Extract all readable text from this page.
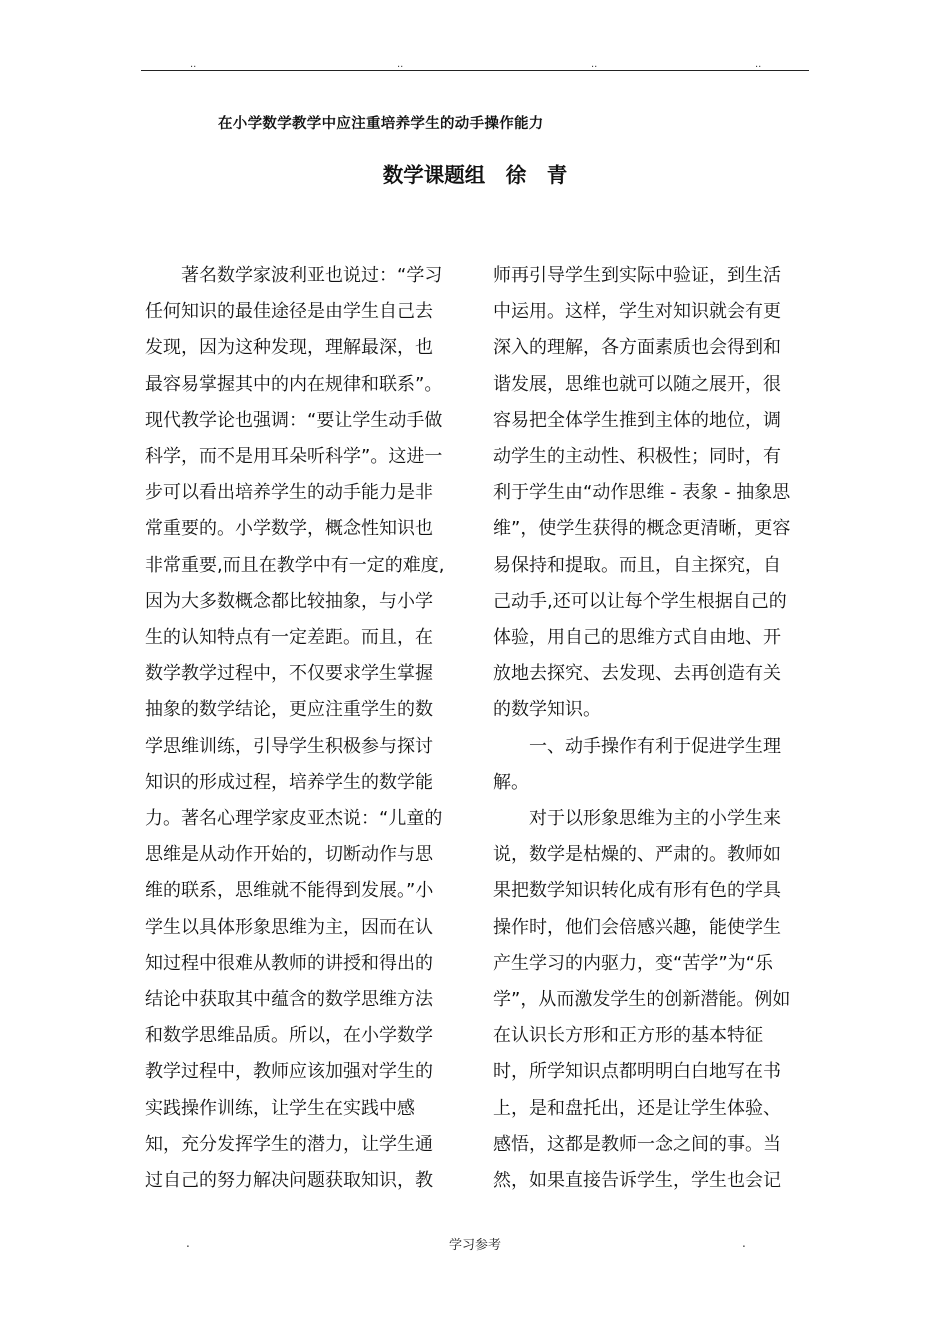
..	..	..	..
在小学数学教学中应注重培养学生的动手操作能力
数学课题组　徐　青

　　著名数学家波利亚也说过：“学习

任何知识的最佳途径是由学生自己去

发现，因为这种发现，理解最深，也

最容易掌握其中的内在规律和联系”。

现代教学论也强调：“要让学生动手做

科学，而不是用耳朵听科学”。这进一

步可以看出培养学生的动手能力是非

常重要的。小学数学，概念性知识也

非常重要,而且在教学中有一定的难度,

因为大多数概念都比较抽象，与小学

生的认知特点有一定差距。而且，在

数学教学过程中，不仅要求学生掌握

抽象的数学结论，更应注重学生的数

学思维训练，引导学生积极参与探讨

知识的形成过程，培养学生的数学能

力。著名心理学家皮亚杰说：“儿童的

思维是从动作开始的，切断动作与思

维的联系，思维就不能得到发展。”小

学生以具体形象思维为主，因而在认

知过程中很难从教师的讲授和得出的

结论中获取其中蕴含的数学思维方法

和数学思维品质。所以，在小学数学

教学过程中，教师应该加强对学生的

实践操作训练，让学生在实践中感

知，充分发挥学生的潜力，让学生通

过自己的努力解决问题获取知识，教

师再引导学生到实际中验证，到生活

中运用。这样，学生对知识就会有更

深入的理解，各方面素质也会得到和

谐发展，思维也就可以随之展开，很

容易把全体学生推到主体的地位，调

动学生的主动性、积极性；同时，有

利于学生由“动作思维 - 表象 - 抽象思

维”，使学生获得的概念更清晰，更容

易保持和提取。而且，自主探究，自

己动手,还可以让每个学生根据自己的

体验，用自己的思维方式自由地、开

放地去探究、去发现、去再创造有关

的数学知识。

　　一、动手操作有利于促进学生理

解。

　　对于以形象思维为主的小学生来

说，数学是枯燥的、严肃的。教师如

果把数学知识转化成有形有色的学具

操作时，他们会倍感兴趣，能使学生

产生学习的内驱力，变“苦学”为“乐

学”，从而激发学生的创新潜能。例如

在认识长方形和正方形的基本特征

时，所学知识点都明明白白地写在书

上，是和盘托出，还是让学生体验、

感悟，这都是教师一念之间的事。当

然，如果直接告诉学生，学生也会记

.	学习参考	.
